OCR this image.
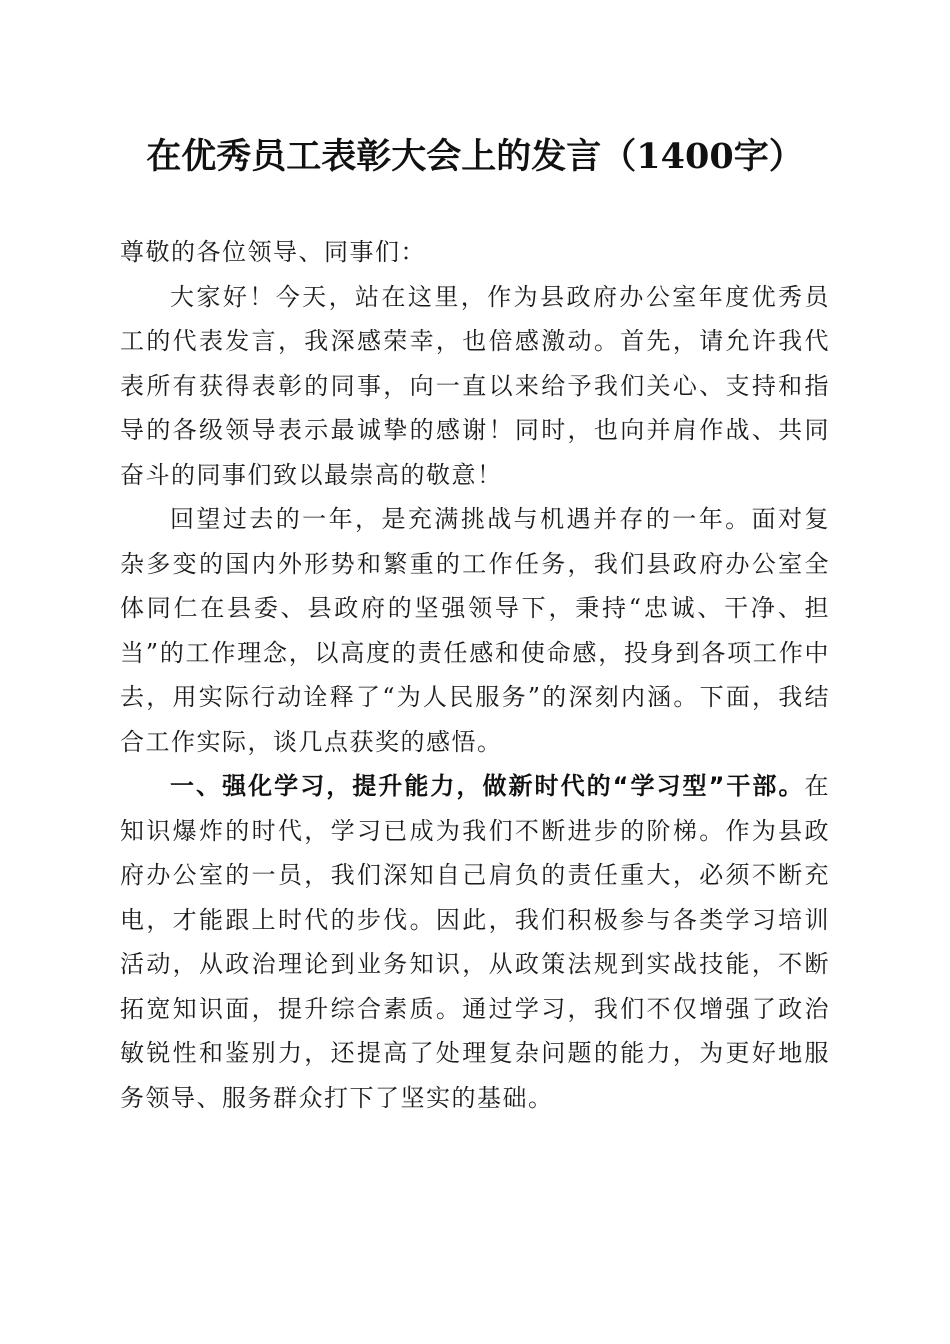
在优秀员工表彰大会上的发言（1400字）

尊敬的各位领导、同事们：

大家好！今天，站在这里，作为县政府办公室年度优秀员工的代表发言，我深感荣幸，也倍感激动。首先，请允许我代表所有获得表彰的同事，向一直以来给予我们关心、支持和指导的各级领导表示最诚挚的感谢！同时，也向并肩作战、共同奋斗的同事们致以最崇高的敬意！

回望过去的一年，是充满挑战与机遇并存的一年。面对复杂多变的国内外形势和繁重的工作任务，我们县政府办公室全体同仁在县委、县政府的坚强领导下，秉持“忠诚、干净、担当”的工作理念，以高度的责任感和使命感，投身到各项工作中去，用实际行动诠释了“为人民服务”的深刻内涵。下面，我结合工作实际，谈几点获奖的感悟。

一、强化学习，提升能力，做新时代的“学习型”干部。在知识爆炸的时代，学习已成为我们不断进步的阶梯。作为县政府办公室的一员，我们深知自己肩负的责任重大，必须不断充电，才能跟上时代的步伐。因此，我们积极参与各类学习培训活动，从政治理论到业务知识，从政策法规到实战技能，不断拓宽知识面，提升综合素质。通过学习，我们不仅增强了政治敏锐性和鉴别力，还提高了处理复杂问题的能力，为更好地服务领导、服务群众打下了坚实的基础。
